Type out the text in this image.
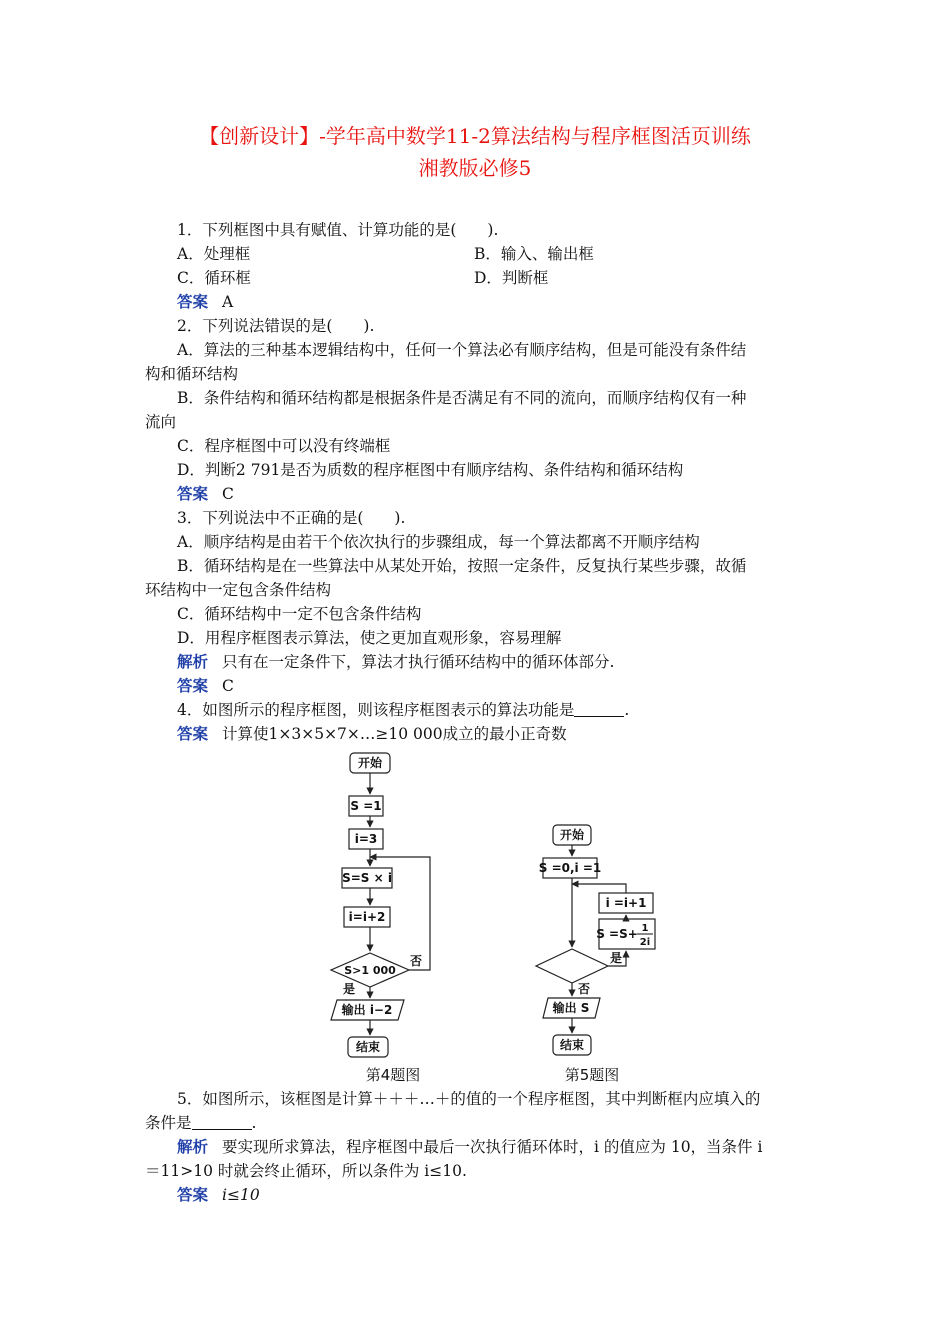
【创新设计】-学年高中数学11-2算法结构与程序框图活页训练
湘教版必修5
1．下列框图中具有赋值、计算功能的是(　　).
A．处理框	B．输入、输出框
C．循环框	D．判断框
答案 A
2．下列说法错误的是(　　).
A．算法的三种基本逻辑结构中，任何一个算法必有顺序结构，但是可能没有条件结
构和循环结构
B．条件结构和循环结构都是根据条件是否满足有不同的流向，而顺序结构仅有一种
流向
C．程序框图中可以没有终端框
D．判断2 791是否为质数的程序框图中有顺序结构、条件结构和循环结构
答案 C
3．下列说法中不正确的是(　　).
A．顺序结构是由若干个依次执行的步骤组成，每一个算法都离不开顺序结构
B．循环结构是在一些算法中从某处开始，按照一定条件，反复执行某些步骤，故循
环结构中一定包含条件结构
C．循环结构中一定不包含条件结构
D．用程序框图表示算法，使之更加直观形象，容易理解
解析 只有在一定条件下，算法才执行循环结构中的循环体部分.
答案 C
4．如图所示的程序框图，则该程序框图表示的算法功能是	.
答案 计算使1×3×5×7×…≥10 000成立的最小正奇数
开始
S =1
i=3
S=S × i
i=i+2
S>1 000
否
是
输出 i−2
结束
开始
S =0,i =1
i =i+1
S =S+ 1
2i
是
否
输出 S
结束
第4题图	第5题图
5．如图所示，该框图是计算＋＋＋…＋的值的一个程序框图，其中判断框内应填入的
条件是	.
解析 要实现所求算法，程序框图中最后一次执行循环体时，i 的值应为 10，当条件 i
＝11>10 时就会终止循环，所以条件为 i≤10.
答案 i≤10
